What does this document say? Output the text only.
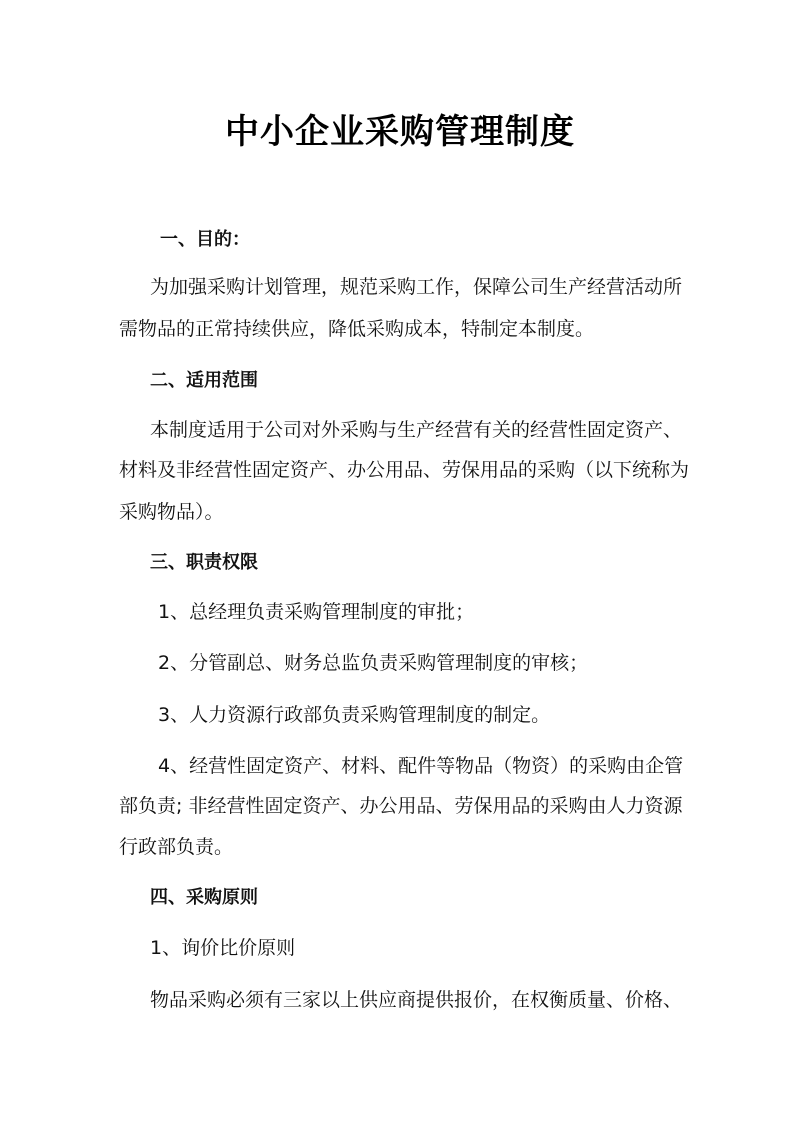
中小企业采购管理制度
一、目的：
为加强采购计划管理，规范采购工作，保障公司生产经营活动所
需物品的正常持续供应，降低采购成本，特制定本制度。
二、适用范围
本制度适用于公司对外采购与生产经营有关的经营性固定资产、
材料及非经营性固定资产、办公用品、劳保用品的采购（以下统称为
采购物品）。
三、职责权限
1、总经理负责采购管理制度的审批；
2、分管副总、财务总监负责采购管理制度的审核；
3、人力资源行政部负责采购管理制度的制定。
4、经营性固定资产、材料、配件等物品（物资）的采购由企管
部负责; 非经营性固定资产、办公用品、劳保用品的采购由人力资源
行政部负责。
四、采购原则
1、询价比价原则
物品采购必须有三家以上供应商提供报价，在权衡质量、价格、
